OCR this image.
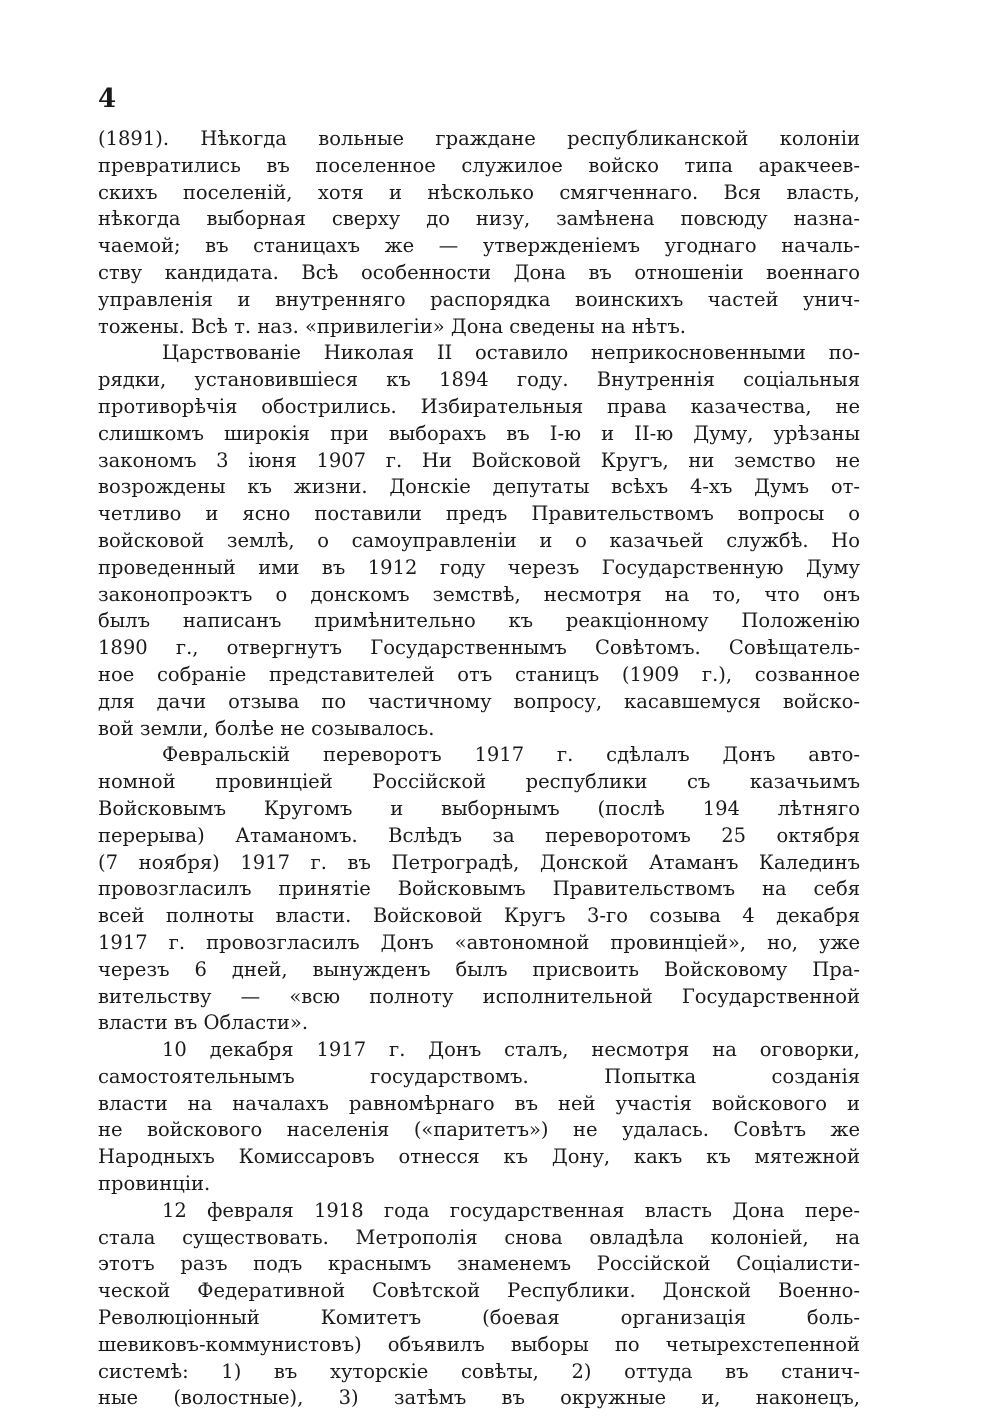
4
(1891). Нѣкогда вольные граждане республиканской колоніи
превратились въ поселенное служилое войско типа аракчеев-
скихъ поселеній, хотя и нѣсколько смягченнаго. Вся власть,
нѣкогда выборная сверху до низу, замѣнена повсюду назна-
чаемой; въ станицахъ же — утвержденіемъ угоднаго началь-
ству кандидата. Всѣ особенности Дона въ отношеніи военнаго
управленія и внутренняго распорядка воинскихъ частей унич-
тожены. Всѣ т. наз. «привилегіи» Дона сведены на нѣтъ.
Царствованіе Николая II оставило неприкосновенными по-
рядки, установившіеся къ 1894 году. Внутреннія соціальныя
противорѣчія обострились. Избирательныя права казачества, не
слишкомъ широкія при выборахъ въ I-ю и II-ю Думу, урѣзаны
закономъ 3 іюня 1907 г. Ни Войсковой Кругъ, ни земство не
возрождены къ жизни. Донскіе депутаты всѣхъ 4-хъ Думъ от-
четливо и ясно поставили предъ Правительствомъ вопросы о
войсковой землѣ, о самоуправленіи и о казачьей службѣ. Но
проведенный ими въ 1912 году черезъ Государственную Думу
законопроэктъ о донскомъ земствѣ, несмотря на то, что онъ
былъ написанъ примѣнительно къ реакціонному Положенію
1890 г., отвергнутъ Государственнымъ Совѣтомъ. Совѣщатель-
ное собраніе представителей отъ станицъ (1909 г.), созванное
для дачи отзыва по частичному вопросу, касавшемуся войско-
вой земли, болѣе не созывалось.
Февральскій переворотъ 1917 г. сдѣлалъ Донъ авто-
номной провинціей Россійской республики съ казачьимъ
Войсковымъ Кругомъ и выборнымъ (послѣ 194 лѣтняго
перерыва) Атаманомъ. Вслѣдъ за переворотомъ 25 октября
(7 ноября) 1917 г. въ Петроградѣ, Донской Атаманъ Калединъ
провозгласилъ принятіе Войсковымъ Правительствомъ на себя
всей полноты власти. Войсковой Кругъ 3-го созыва 4 декабря
1917 г. провозгласилъ Донъ «автономной провинціей», но, уже
черезъ 6 дней, вынужденъ былъ присвоить Войсковому Пра-
вительству — «всю полноту исполнительной Государственной
власти въ Области».
10 декабря 1917 г. Донъ сталъ, несмотря на оговорки,
самостоятельнымъ государствомъ. Попытка созданія
власти на началахъ равномѣрнаго въ ней участія войскового и
не войскового населенія («паритетъ») не удалась. Совѣтъ же
Народныхъ Комиссаровъ отнесся къ Дону, какъ къ мятежной
провинціи.
12 февраля 1918 года государственная власть Дона пере-
стала существовать. Метрополія снова овладѣла колоніей, на
этотъ разъ подъ краснымъ знаменемъ Россійской Соціалисти-
ческой Федеративной Совѣтской Республики. Донской Военно-
Революціонный Комитетъ (боевая организація боль-
шевиковъ-коммунистовъ) объявилъ выборы по четырехстепенной
системѣ: 1) въ хуторскіе совѣты, 2) оттуда въ станич-
ные (волостные), 3) затѣмъ въ окружные и, наконецъ,
